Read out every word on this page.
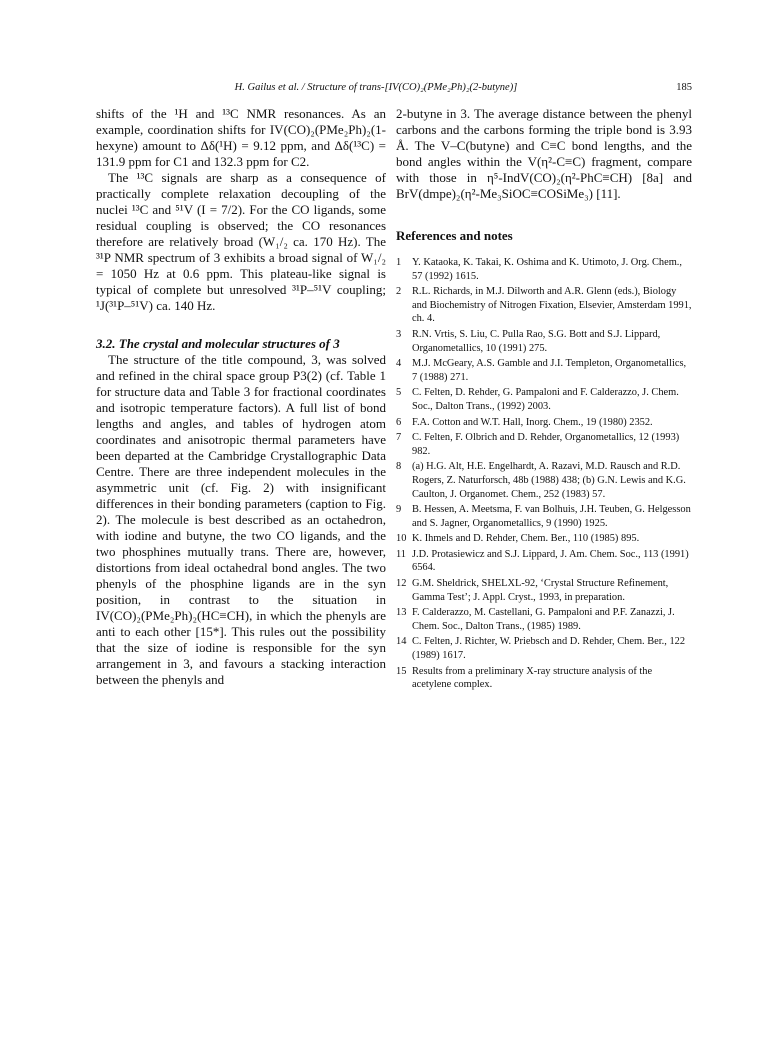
H. Gailus et al. / Structure of trans-[IV(CO)₂(PMe₂Ph)₂(2-butyne)]	185

shifts of the ¹H and ¹³C NMR resonances. As an example, coordination shifts for IV(CO)₂(PMe₂Ph)₂(1-hexyne) amount to Δδ(¹H) = 9.12 ppm, and Δδ(¹³C) = 131.9 ppm for C1 and 132.3 ppm for C2.

The ¹³C signals are sharp as a consequence of practically complete relaxation decoupling of the nuclei ¹³C and ⁵¹V (I = 7/2). For the CO ligands, some residual coupling is observed; the CO resonances therefore are relatively broad (W₁/₂ ca. 170 Hz). The ³¹P NMR spectrum of 3 exhibits a broad signal of W₁/₂ = 1050 Hz at 0.6 ppm. This plateau-like signal is typical of complete but unresolved ³¹P–⁵¹V coupling; ¹J(³¹P–⁵¹V) ca. 140 Hz.

3.2. The crystal and molecular structures of 3

The structure of the title compound, 3, was solved and refined in the chiral space group P3(2) (cf. Table 1 for structure data and Table 3 for fractional coordinates and isotropic temperature factors). A full list of bond lengths and angles, and tables of hydrogen atom coordinates and anisotropic thermal parameters have been departed at the Cambridge Crystallographic Data Centre. There are three independent molecules in the asymmetric unit (cf. Fig. 2) with insignificant differences in their bonding parameters (caption to Fig. 2). The molecule is best described as an octahedron, with iodine and butyne, the two CO ligands, and the two phosphines mutually trans. There are, however, distortions from ideal octahedral bond angles. The two phenyls of the phosphine ligands are in the syn position, in contrast to the situation in IV(CO)₂(PMe₂Ph)₂(HC≡CH), in which the phenyls are anti to each other [15*]. This rules out the possibility that the size of iodine is responsible for the syn arrangement in 3, and favours a stacking interaction between the phenyls and

2-butyne in 3. The average distance between the phenyl carbons and the carbons forming the triple bond is 3.93 Å. The V–C(butyne) and C≡C bond lengths, and the bond angles within the V(η²-C≡C) fragment, compare with those in η⁵-IndV(CO)₂(η²-PhC≡CH) [8a] and BrV(dmpe)₂(η²-Me₃SiOC≡COSiMe₃) [11].

References and notes
1	Y. Kataoka, K. Takai, K. Oshima and K. Utimoto, J. Org. Chem., 57 (1992) 1615.
2	R.L. Richards, in M.J. Dilworth and A.R. Glenn (eds.), Biology and Biochemistry of Nitrogen Fixation, Elsevier, Amsterdam 1991, ch. 4.
3	R.N. Vrtis, S. Liu, C. Pulla Rao, S.G. Bott and S.J. Lippard, Organometallics, 10 (1991) 275.
4	M.J. McGeary, A.S. Gamble and J.I. Templeton, Organometallics, 7 (1988) 271.
5	C. Felten, D. Rehder, G. Pampaloni and F. Calderazzo, J. Chem. Soc., Dalton Trans., (1992) 2003.
6	F.A. Cotton and W.T. Hall, Inorg. Chem., 19 (1980) 2352.
7	C. Felten, F. Olbrich and D. Rehder, Organometallics, 12 (1993) 982.
8	(a) H.G. Alt, H.E. Engelhardt, A. Razavi, M.D. Rausch and R.D. Rogers, Z. Naturforsch, 48b (1988) 438; (b) G.N. Lewis and K.G. Caulton, J. Organomet. Chem., 252 (1983) 57.
9	B. Hessen, A. Meetsma, F. van Bolhuis, J.H. Teuben, G. Helgesson and S. Jagner, Organometallics, 9 (1990) 1925.
10 K. Ihmels and D. Rehder, Chem. Ber., 110 (1985) 895.
11 J.D. Protasiewicz and S.J. Lippard, J. Am. Chem. Soc., 113 (1991) 6564.
12 G.M. Sheldrick, SHELXL-92, ‘Crystal Structure Refinement, Gamma Test’; J. Appl. Cryst., 1993, in preparation.
13 F. Calderazzo, M. Castellani, G. Pampaloni and P.F. Zanazzi, J. Chem. Soc., Dalton Trans., (1985) 1989.
14 C. Felten, J. Richter, W. Priebsch and D. Rehder, Chem. Ber., 122 (1989) 1617.
15 Results from a preliminary X-ray structure analysis of the acetylene complex.
